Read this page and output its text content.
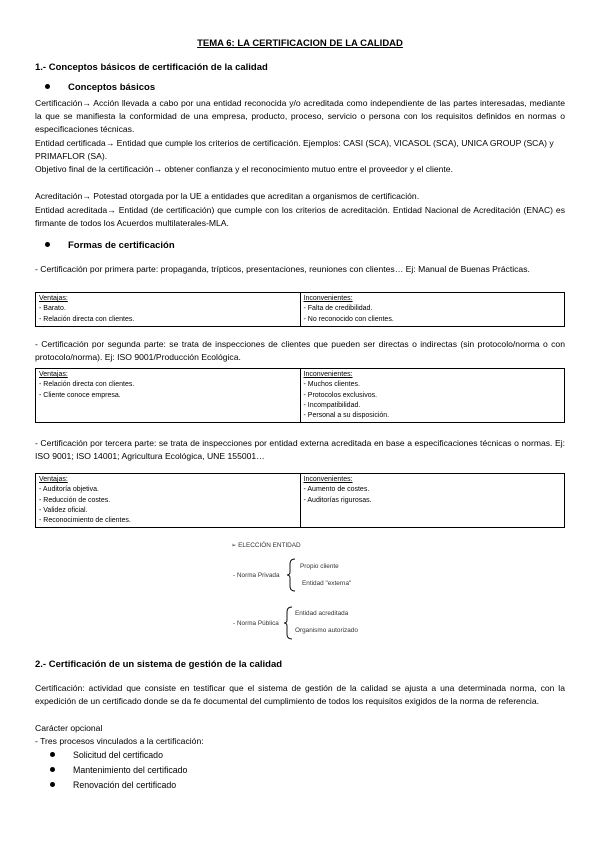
TEMA 6: LA CERTIFICACION DE LA CALIDAD
1.- Conceptos básicos de certificación de la calidad
Conceptos básicos
Certificación→ Acción llevada a cabo por una entidad reconocida y/o acreditada como independiente de las partes interesadas, mediante la que se manifiesta la conformidad de una empresa, producto, proceso, servicio o persona con los requisitos definidos en normas o especificaciones técnicas.
Entidad certificada→ Entidad que cumple los criterios de certificación. Ejemplos: CASI (SCA), VICASOL (SCA), UNICA GROUP (SCA) y PRIMAFLOR (SA).
Objetivo final de la certificación→ obtener confianza y el reconocimiento mutuo entre el proveedor y el cliente.
Acreditación→ Potestad otorgada por la UE a entidades que acreditan a organismos de certificación.
Entidad acreditada→ Entidad (de certificación) que cumple con los criterios de acreditación. Entidad Nacional de Acreditación (ENAC) es firmante de todos los Acuerdos multilaterales-MLA.
Formas de certificación
- Certificación por primera parte: propaganda, trípticos, presentaciones, reuniones con clientes… Ej: Manual de Buenas Prácticas.
Ventajas:
- Barato.
- Relación directa con clientes.

Inconvenientes:
- Falta de credibilidad.
- No reconocido con clientes.
- Certificación por segunda parte: se trata de inspecciones de clientes que pueden ser directas o indirectas (sin protocolo/norma o con protocolo/norma). Ej: ISO 9001/Producción Ecológica.
Ventajas:
- Relación directa con clientes.
- Cliente conoce empresa.

Inconvenientes:
- Muchos clientes.
- Protocolos exclusivos.
- Incompatibilidad.
- Personal a su disposición.
- Certificación por tercera parte: se trata de inspecciones por entidad externa acreditada en base a especificaciones técnicas o normas. Ej: ISO 9001; ISO 14001; Agricultura Ecológica, UNE 155001…
Ventajas:
- Auditoría objetiva.
- Reducción de costes.
- Validez oficial.
- Reconocimiento de clientes.

Inconvenientes:
- Aumento de costes.
- Auditorías rigurosas.
➢ ELECCIÓN ENTIDAD
- Norma Privada
Propio cliente
Entidad "externa"
- Norma Pública
Entidad acreditada
Organismo autorizado
2.- Certificación de un sistema de gestión de la calidad
Certificación: actividad que consiste en testificar que el sistema de gestión de la calidad se ajusta a una determinada norma, con la expedición de un certificado donde se da fe documental del cumplimiento de todos los requisitos exigidos de la norma de referencia.
Carácter opcional
- Tres procesos vinculados a la certificación:
Solicitud del certificado
Mantenimiento del certificado
Renovación del certificado
